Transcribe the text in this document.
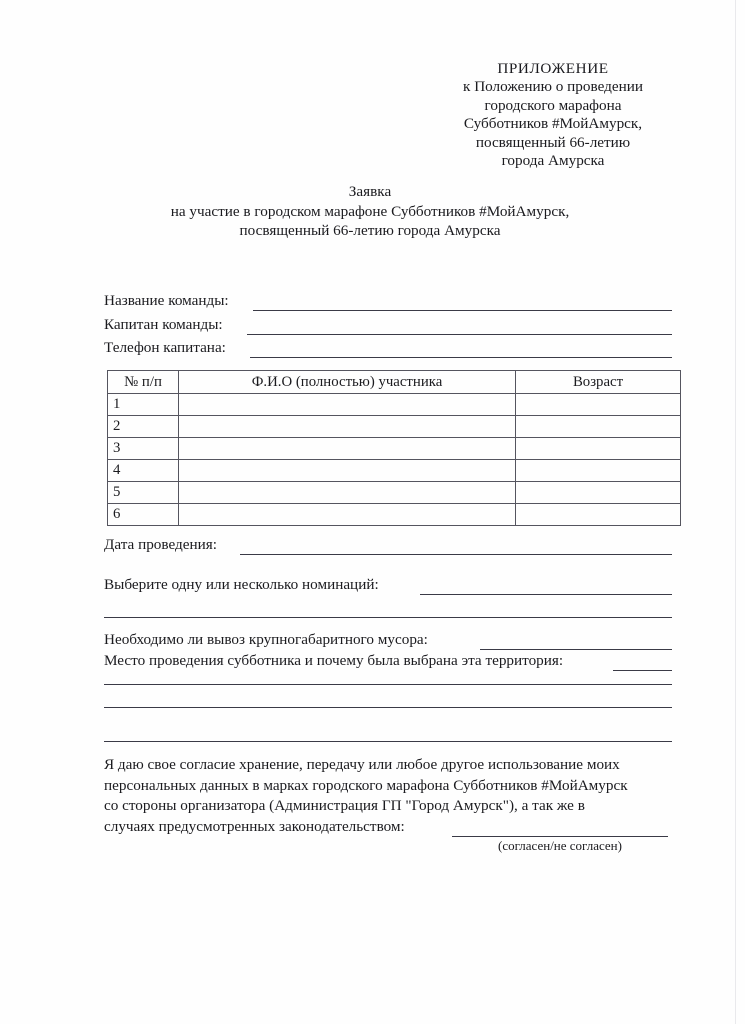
ПРИЛОЖЕНИЕ
к Положению о проведении
городского марафона
Субботников #МойАмурск,
посвященный 66-летию
города Амурска
Заявка
на участие в городском марафоне Субботников #МойАмурск,
посвященный 66-летию города Амурска
Название команды:
Капитан команды:
Телефон капитана:
№ п/п	Ф.И.О (полностью) участника	Возраст
1		
2		
3		
4		
5		
6		
Дата проведения:
Выберите одну или несколько номинаций:
Необходимо ли вывоз крупногабаритного мусора:
Место проведения субботника и почему была выбрана эта территория:
Я даю свое согласие хранение, передачу или любое другое использование моих
персональных данных в марках городского марафона Субботников #МойАмурск
со стороны организатора (Администрация ГП "Город Амурск"), а так же в
случаях предусмотренных законодательством:
(согласен/не согласен)
